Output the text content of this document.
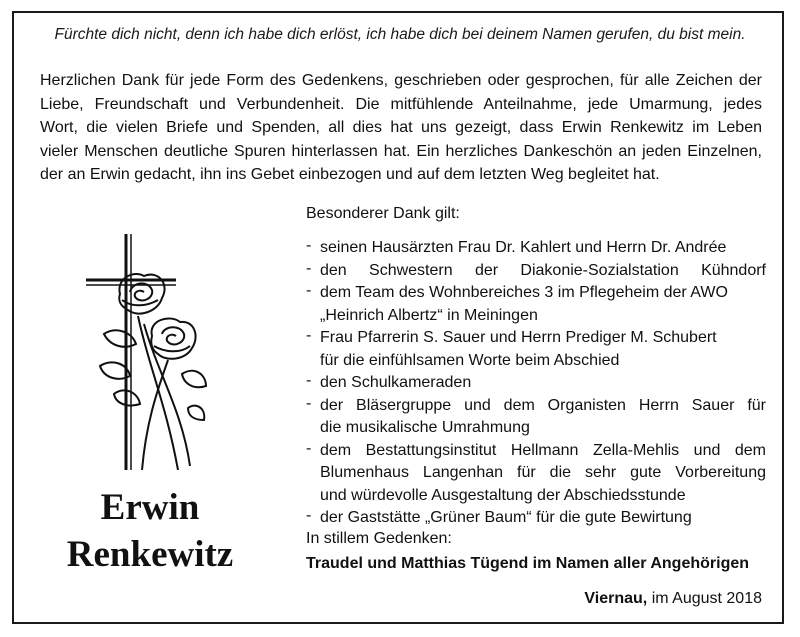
Fürchte dich nicht, denn ich habe dich erlöst, ich habe dich bei deinem Namen gerufen, du bist mein.
Herzlichen Dank für jede Form des Gedenkens, geschrieben oder gesprochen, für alle Zeichen der
Liebe, Freundschaft und Verbundenheit. Die mitfühlende Anteilnahme, jede Umarmung, jedes
Wort, die vielen Briefe und Spenden, all dies hat uns gezeigt, dass Erwin Renkewitz im Leben
vieler Menschen deutliche Spuren hinterlassen hat. Ein herzliches Dankeschön an jeden Einzelnen,
der an Erwin gedacht, ihn ins Gebet einbezogen und auf dem letzten Weg begleitet hat.
Erwin
Renkewitz
Besonderer Dank gilt:
- seinen Hausärzten Frau Dr. Kahlert und Herrn Dr. Andrée
- den Schwestern der Diakonie-Sozialstation Kühndorf
- dem Team des Wohnbereiches 3 im Pflegeheim der AWO
„Heinrich Albertz“ in Meiningen
- Frau Pfarrerin S. Sauer und Herrn Prediger M. Schubert
für die einfühlsamen Worte beim Abschied
- den Schulkameraden
- der Bläsergruppe und dem Organisten Herrn Sauer für
die musikalische Umrahmung
- dem Bestattungsinstitut Hellmann Zella-Mehlis und dem
Blumenhaus Langenhan für die sehr gute Vorbereitung
und würdevolle Ausgestaltung der Abschiedsstunde
- der Gaststätte „Grüner Baum“ für die gute Bewirtung
In stillem Gedenken:
Traudel und Matthias Tügend im Namen aller Angehörigen
Viernau, im August 2018
